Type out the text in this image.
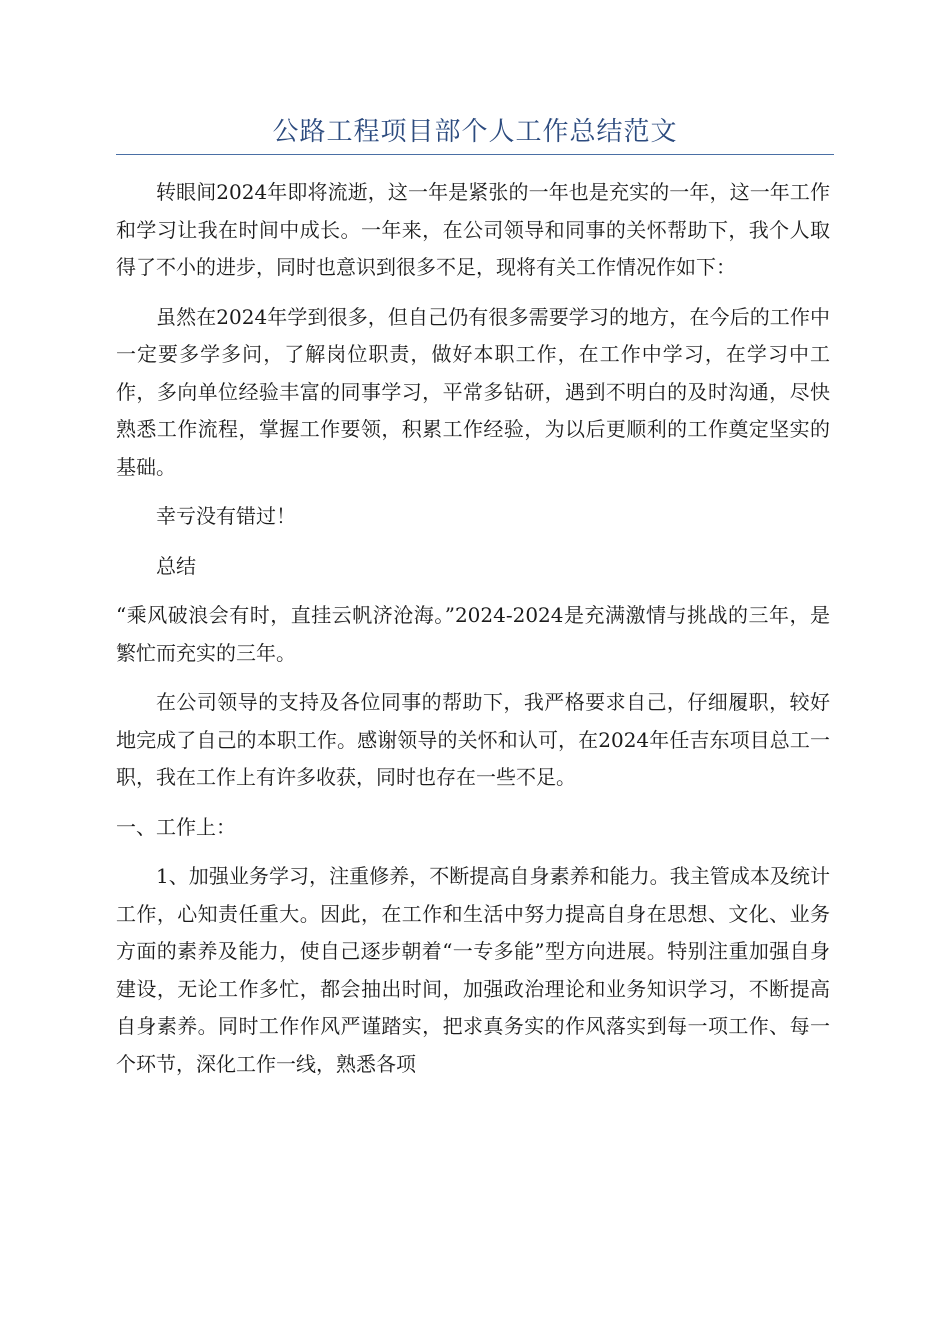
公路工程项目部个人工作总结范文

转眼间2024年即将流逝，这一年是紧张的一年也是充实的一年，这一年工作和学习让我在时间中成长。一年来，在公司领导和同事的关怀帮助下，我个人取得了不小的进步，同时也意识到很多不足，现将有关工作情况作如下：

虽然在2024年学到很多，但自己仍有很多需要学习的地方，在今后的工作中一定要多学多问，了解岗位职责，做好本职工作，在工作中学习，在学习中工作，多向单位经验丰富的同事学习，平常多钻研，遇到不明白的及时沟通，尽快熟悉工作流程，掌握工作要领，积累工作经验，为以后更顺利的工作奠定坚实的基础。

幸亏没有错过！

总结

“乘风破浪会有时，直挂云帆济沧海。”2024-2024是充满激情与挑战的三年，是繁忙而充实的三年。

在公司领导的支持及各位同事的帮助下，我严格要求自己，仔细履职，较好地完成了自己的本职工作。感谢领导的关怀和认可，在2024年任吉东项目总工一职，我在工作上有许多收获，同时也存在一些不足。

一、工作上：

1、加强业务学习，注重修养，不断提高自身素养和能力。我主管成本及统计工作，心知责任重大。因此，在工作和生活中努力提高自身在思想、文化、业务方面的素养及能力，使自己逐步朝着“一专多能”型方向进展。特别注重加强自身建设，无论工作多忙，都会抽出时间，加强政治理论和业务知识学习，不断提高自身素养。同时工作作风严谨踏实，把求真务实的作风落实到每一项工作、每一个环节，深化工作一线，熟悉各项
